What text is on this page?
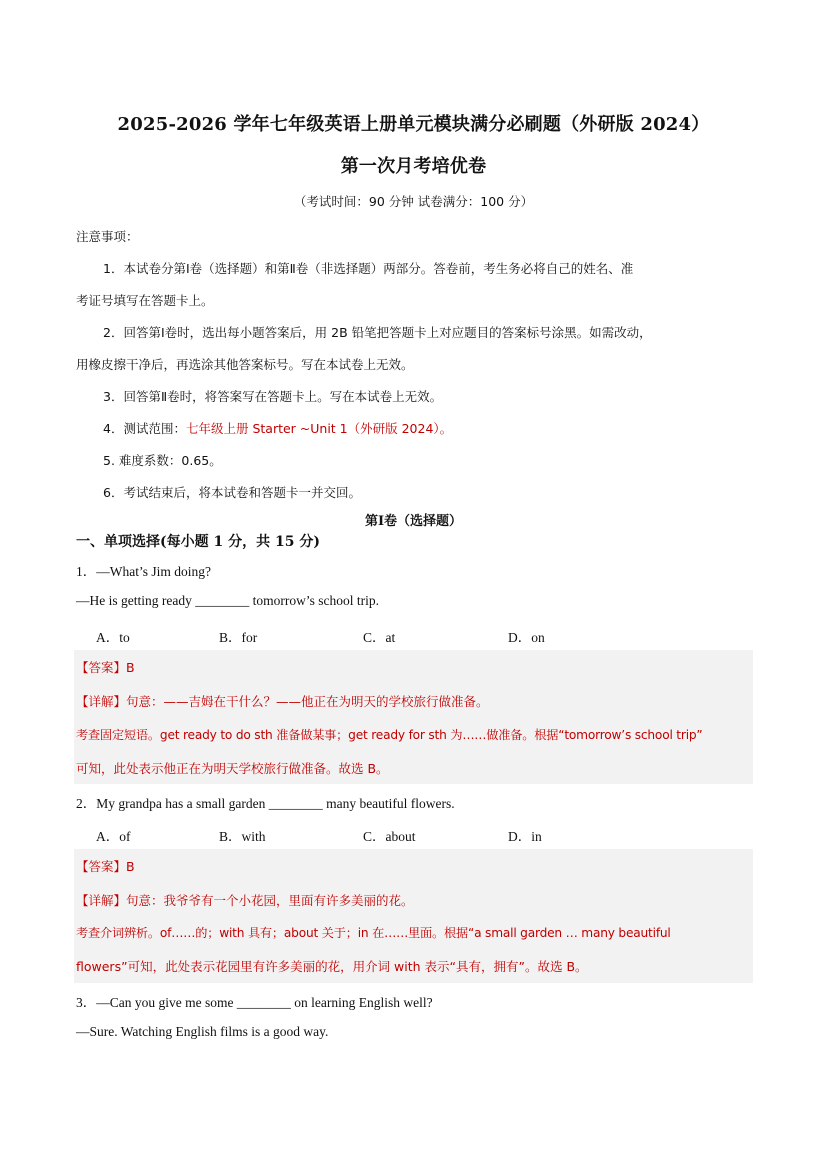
2025-2026 学年七年级英语上册单元模块满分必刷题（外研版 2024）
第一次月考培优卷
（考试时间：90 分钟 试卷满分：100 分）
注意事项：
1．本试卷分第Ⅰ卷（选择题）和第Ⅱ卷（非选择题）两部分。答卷前，考生务必将自己的姓名、准
考证号填写在答题卡上。
2．回答第Ⅰ卷时，选出每小题答案后，用 2B 铅笔把答题卡上对应题目的答案标号涂黑。如需改动，
用橡皮擦干净后，再选涂其他答案标号。写在本试卷上无效。
3．回答第Ⅱ卷时，将答案写在答题卡上。写在本试卷上无效。
4．测试范围：七年级上册 Starter ~Unit 1（外研版 2024）。
5. 难度系数：0.65。
6．考试结束后，将本试卷和答题卡一并交回。
第Ⅰ卷（选择题）
一、单项选择(每小题 1 分，共 15 分)
1．—What’s Jim doing?
—He is getting ready ________ tomorrow’s school trip.
A．to	B．for	C．at	D．on
【答案】B
【详解】句意：——吉姆在干什么？——他正在为明天的学校旅行做准备。
考查固定短语。get ready to do sth 准备做某事；get ready for sth 为……做准备。根据“tomorrow’s school trip”
可知，此处表示他正在为明天学校旅行做准备。故选 B。
2．My grandpa has a small garden ________ many beautiful flowers.
A．of	B．with	C．about	D．in
【答案】B
【详解】句意：我爷爷有一个小花园，里面有许多美丽的花。
考查介词辨析。of……的；with 具有；about 关于；in 在……里面。根据“a small garden … many beautiful
flowers”可知，此处表示花园里有许多美丽的花，用介词 with 表示“具有，拥有”。故选 B。
3．—Can you give me some ________ on learning English well?
—Sure. Watching English films is a good way.
